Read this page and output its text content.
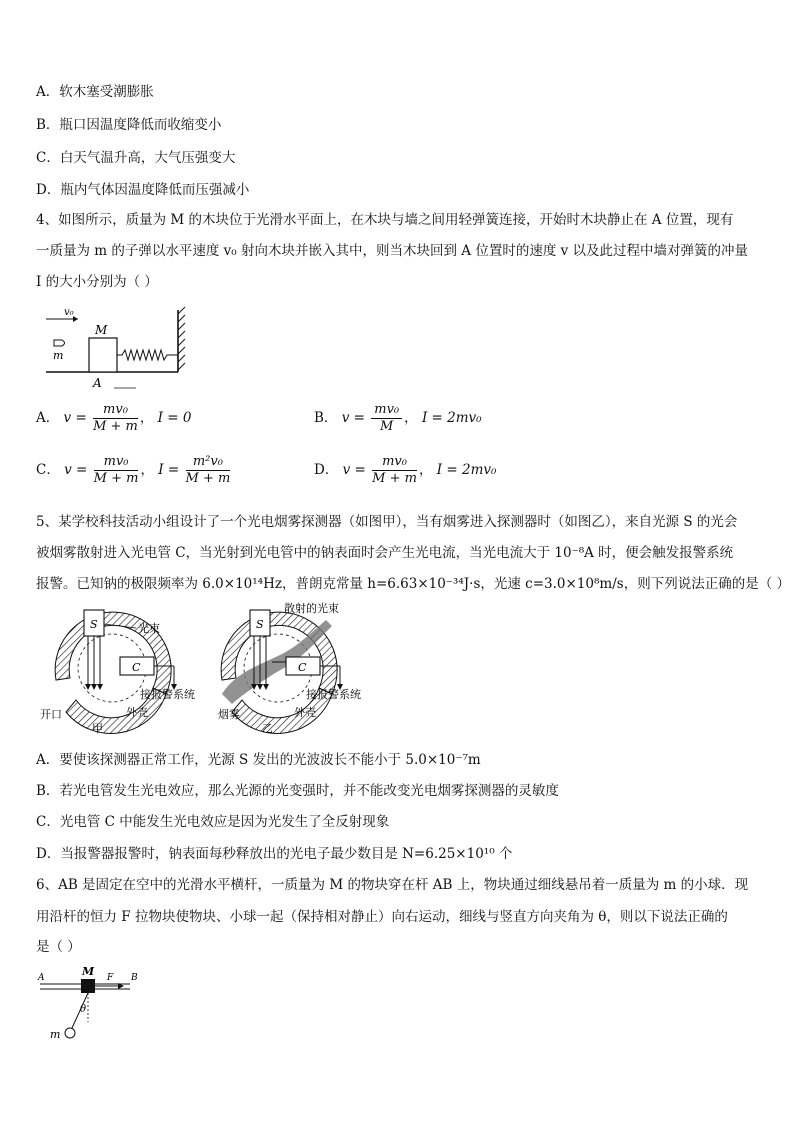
A．软木塞受潮膨胀
B．瓶口因温度降低而收缩变小
C．白天气温升高，大气压强变大
D．瓶内气体因温度降低而压强减小
4、如图所示，质量为 M 的木块位于光滑水平面上，在木块与墙之间用轻弹簧连接，开始时木块静止在 A 位置，现有
一质量为 m 的子弹以水平速度 v₀ 射向木块并嵌入其中，则当木块回到 A 位置时的速度 v 以及此过程中墙对弹簧的冲量
I 的大小分别为（ ）
M
m
v₀
A
A． $v = \frac{\text{mv₀}}{M + m}$ ， I = 0	B． $v = \frac{\text{mv₀}}{M}$ ， I = 2mv₀
C． $v = \frac{\text{mv₀}}{M + m}$ ， $I = \frac{\text{m²v₀}}{M + m}$	D． $v = \frac{\text{mv₀}}{M + m}$ ， I = 2mv₀
5、某学校科技活动小组设计了一个光电烟雾探测器（如图甲），当有烟雾进入探测器时（如图乙），来自光源 S 的光会
被烟雾散射进入光电管 C，当光射到光电管中的钠表面时会产生光电流，当光电流大于 10⁻⁸A 时，便会触发报警系统
报警。已知钠的极限频率为 6.0×10¹⁴Hz，普朗克常量 h=6.63×10⁻³⁴J·s，光速 c=3.0×10⁸m/s，则下列说法正确的是（ ）
S	光束
C
接报警系统
外壳
开口
甲
S
散射的光束
C
接报警系统
外壳
烟雾
乙
A．要使该探测器正常工作，光源 S 发出的光波波长不能小于 5.0×10⁻⁷m
B．若光电管发生光电效应，那么光源的光变强时，并不能改变光电烟雾探测器的灵敏度
C．光电管 C 中能发生光电效应是因为光发生了全反射现象
D．当报警器报警时，钠表面每秒释放出的光电子最少数目是 N=6.25×10¹⁰ 个
6、AB 是固定在空中的光滑水平横杆，一质量为 M 的物块穿在杆 AB 上，物块通过细线悬吊着一质量为 m 的小球．现
用沿杆的恒力 F 拉物块使物块、小球一起（保持相对静止）向右运动，细线与竖直方向夹角为 θ，则以下说法正确的
是（ ）
A	B
M F
θ
m
